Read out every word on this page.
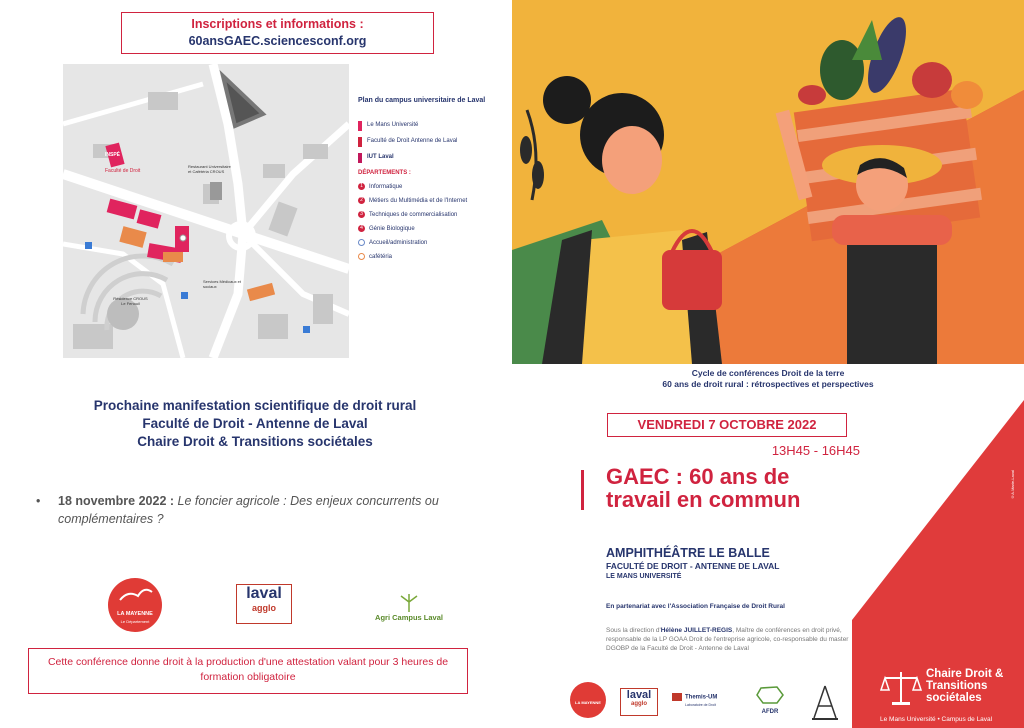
Inscriptions et informations :
60ansGAEC.sciencesconf.org
INSPÉ
Faculté de Droit
Restaurant Universitaire et Cafétéria CROUS
Services Médicaux et sociaux
Résidence CROUS Le Fenouil
Plan du campus universitaire de Laval
Le Mans Université
Faculté de Droit Antenne de Laval
IUT Laval
DÉPARTEMENTS :
1	Informatique
2	Métiers du Multimédia et de l'Internet
3	Techniques de commercialisation
4	Génie Biologique
Accueil/administration
cafétéria
Prochaine manifestation scientifique de droit rural
Faculté de Droit - Antenne de Laval
Chaire Droit & Transitions sociétales
• 18 novembre 2022 : Le foncier agricole : Des enjeux concurrents ou complémentaires ?
LA MAYENNE
Le Département
laval
agglo
Agri Campus Laval
Cette conférence donne droit à la production d'une attestation valant pour 3 heures de formation obligatoire
Cycle de conférences Droit de la terre
60 ans de droit rural : rétrospectives et perspectives
VENDREDI 7 OCTOBRE 2022
13H45 - 16H45
GAEC : 60 ans de
travail en commun
AMPHITHÉÂTRE LE BALLE
FACULTÉ DE DROIT - ANTENNE DE LAVAL
LE MANS UNIVERSITÉ
En partenariat avec l'Association Française de Droit Rural
Sous la direction d'Hélène JUILLET-REGIS, Maître de conférences en droit privé, responsable de la LP GOAA Droit de l'entreprise agricole, co-responsable du master DGOBP de la Faculté de Droit - Antenne de Laval
Chaire Droit & Transitions sociétales
Le Mans Université • Campus de Laval
©A.Marie-Laval
LA MAYENNE
laval
agglo
Themis-UM
Laboratoire de Droit
AFDR
